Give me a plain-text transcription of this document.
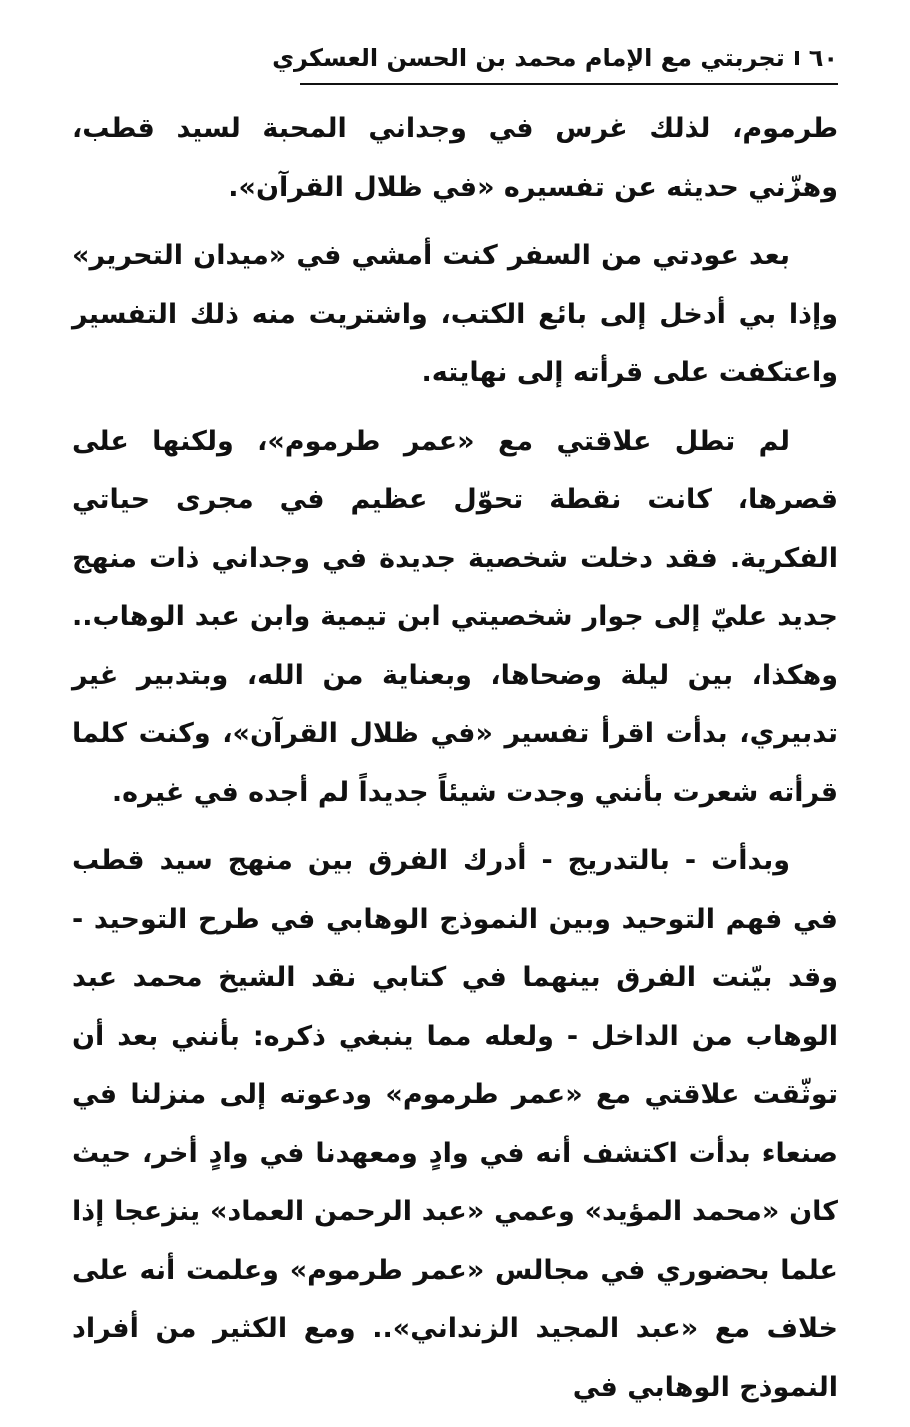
٦٠
تجربتي مع الإمام محمد بن الحسن العسكري

طرموم، لذلك غرس في وجداني المحبة لسيد قطب، وهزّني حديثه عن تفسيره «في ظلال القرآن».

بعد عودتي من السفر كنت أمشي في «ميدان التحرير» وإذا بي أدخل إلى بائع الكتب، واشتريت منه ذلك التفسير واعتكفت على قرأته إلى نهايته.

لم تطل علاقتي مع «عمر طرموم»، ولكنها على قصرها، كانت نقطة تحوّل عظيم في مجرى حياتي الفكرية. فقد دخلت شخصية جديدة في وجداني ذات منهج جديد عليّ إلى جوار شخصيتي ابن تيمية وابن عبد الوهاب.. وهكذا، بين ليلة وضحاها، وبعناية من الله، وبتدبير غير تدبيري، بدأت اقرأ تفسير «في ظلال القرآن»، وكنت كلما قرأته شعرت بأنني وجدت شيئاً جديداً لم أجده في غيره.

وبدأت - بالتدريج - أدرك الفرق بين منهج سيد قطب في فهم التوحيد وبين النموذج الوهابي في طرح التوحيد - وقد بيّنت الفرق بينهما في كتابي نقد الشيخ محمد عبد الوهاب من الداخل - ولعله مما ينبغي ذكره: بأنني بعد أن توثّقت علاقتي مع «عمر طرموم» ودعوته إلى منزلنا في صنعاء بدأت اكتشف أنه في وادٍ ومعهدنا في وادٍ أخر، حيث كان «محمد المؤيد» وعمي «عبد الرحمن العماد» ينزعجا إذا علما بحضوري في مجالس «عمر طرموم» وعلمت أنه على خلاف مع «عبد المجيد الزنداني».. ومع الكثير من أفراد النموذج الوهابي في
